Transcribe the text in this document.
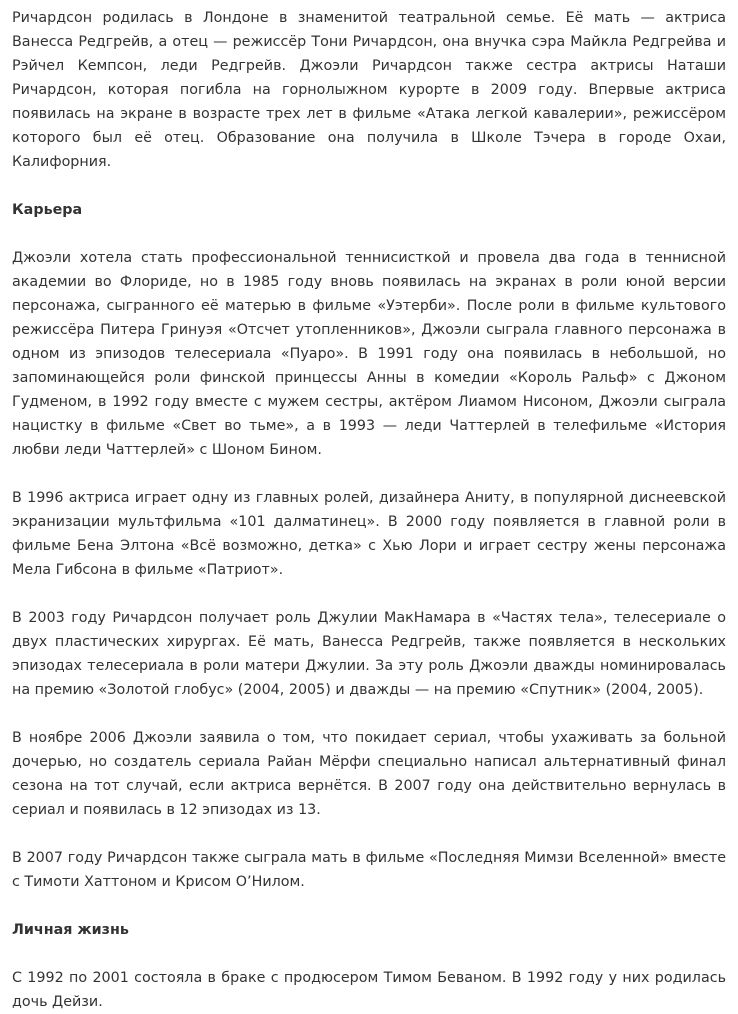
Ричардсон родилась в Лондоне в знаменитой театральной семье. Её мать — актриса Ванесса Редгрейв, а отец — режиссёр Тони Ричардсон, она внучка сэра Майкла Редгрейва и Рэйчел Кемпсон, леди Редгрейв. Джоэли Ричардсон также сестра актрисы Наташи Ричардсон, которая погибла на горнолыжном курорте в 2009 году. Впервые актриса появилась на экране в возрасте трех лет в фильме «Атака легкой кавалерии», режиссёром которого был её отец. Образование она получила в Школе Тэчера в городе Охаи, Калифорния.

Карьера

Джоэли хотела стать профессиональной теннисисткой и провела два года в теннисной академии во Флориде, но в 1985 году вновь появилась на экранах в роли юной версии персонажа, сыгранного её матерью в фильме «Уэтерби». После роли в фильме культового режиссёра Питера Гринуэя «Отсчет утопленников», Джоэли сыграла главного персонажа в одном из эпизодов телесериала «Пуаро». В 1991 году она появилась в небольшой, но запоминающейся роли финской принцессы Анны в комедии «Король Ральф» с Джоном Гудменом, в 1992 году вместе с мужем сестры, актёром Лиамом Нисоном, Джоэли сыграла нацистку в фильме «Свет во тьме», а в 1993 — леди Чаттерлей в телефильме «История любви леди Чаттерлей» с Шоном Бином.

В 1996 актриса играет одну из главных ролей, дизайнера Аниту, в популярной диснеевской экранизации мультфильма «101 далматинец». В 2000 году появляется в главной роли в фильме Бена Элтона «Всё возможно, детка» с Хью Лори и играет сестру жены персонажа Мела Гибсона в фильме «Патриот».

В 2003 году Ричардсон получает роль Джулии МакНамара в «Частях тела», телесериале о двух пластических хирургах. Её мать, Ванесса Редгрейв, также появляется в нескольких эпизодах телесериала в роли матери Джулии. За эту роль Джоэли дважды номинировалась на премию «Золотой глобус» (2004, 2005) и дважды — на премию «Спутник» (2004, 2005).

В ноябре 2006 Джоэли заявила о том, что покидает сериал, чтобы ухаживать за больной дочерью, но создатель сериала Райан Мёрфи специально написал альтернативный финал сезона на тот случай, если актриса вернётся. В 2007 году она действительно вернулась в сериал и появилась в 12 эпизодах из 13.

В 2007 году Ричардсон также сыграла мать в фильме «Последняя Мимзи Вселенной» вместе с Тимоти Хаттоном и Крисом О’Нилом.

Личная жизнь

С 1992 по 2001 состояла в браке с продюсером Тимом Беваном. В 1992 году у них родилась дочь Дейзи.
